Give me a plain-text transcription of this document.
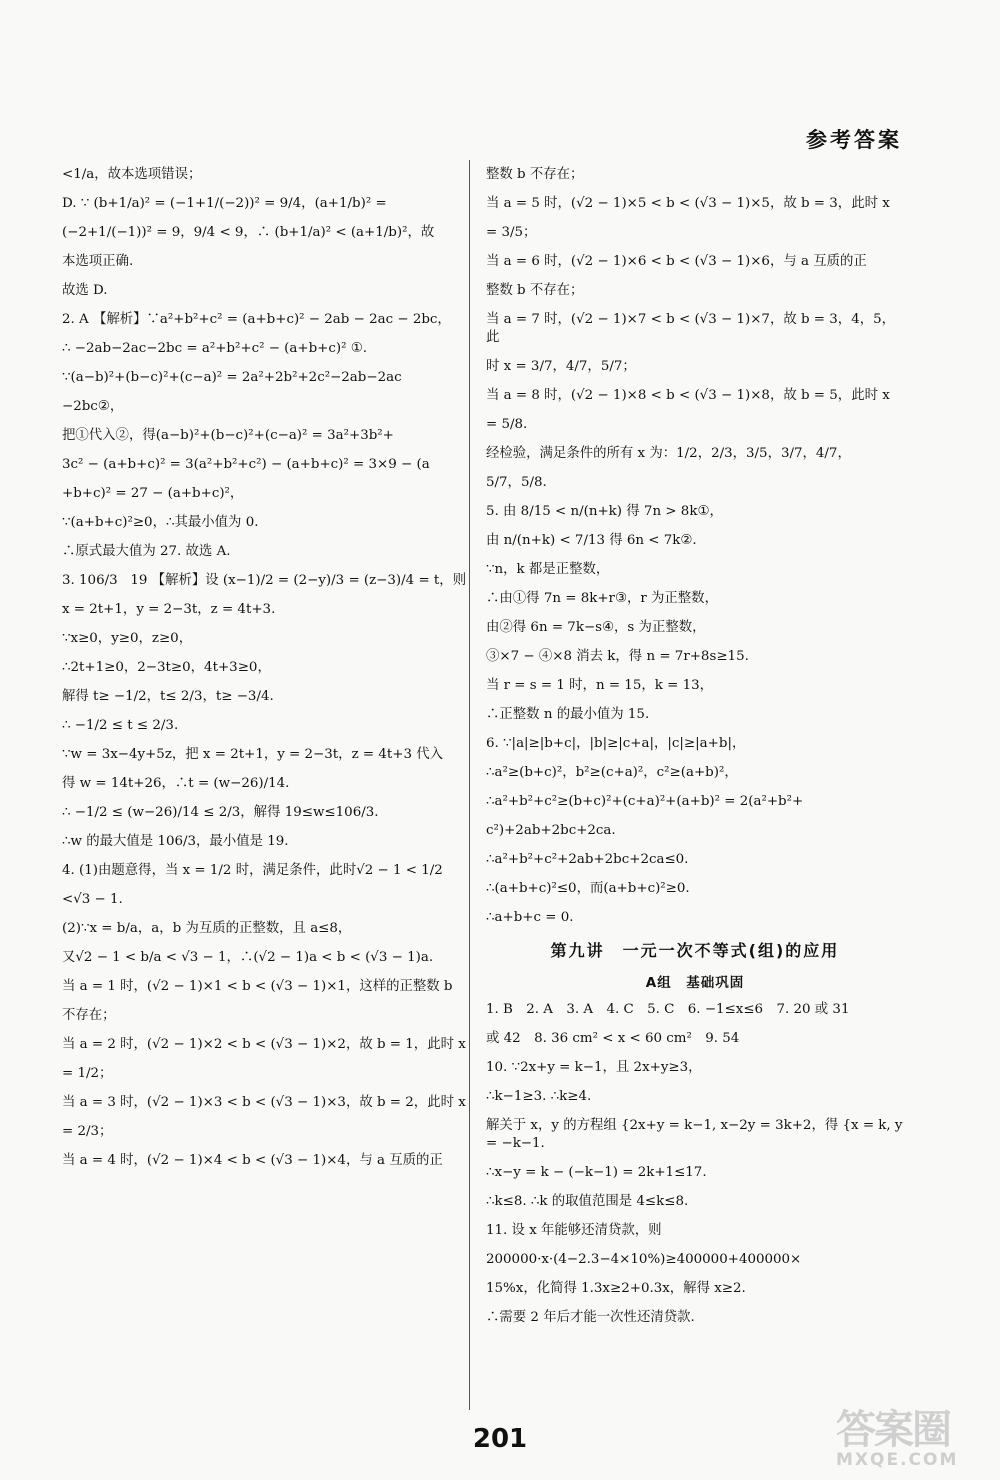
参考答案
<1/a，故本选项错误；
D. ∵ (b+1/a)² = (−1+1/(−2))² = 9/4，(a+1/b)² =
(−2+1/(−1))² = 9，9/4 < 9，∴ (b+1/a)² < (a+1/b)²，故
本选项正确.
故选 D.
2. A 【解析】∵a²+b²+c² = (a+b+c)² − 2ab − 2ac − 2bc，
∴ −2ab−2ac−2bc = a²+b²+c² − (a+b+c)² ①.
∵(a−b)²+(b−c)²+(c−a)² = 2a²+2b²+2c²−2ab−2ac
−2bc②，
把①代入②，得(a−b)²+(b−c)²+(c−a)² = 3a²+3b²+
3c² − (a+b+c)² = 3(a²+b²+c²) − (a+b+c)² = 3×9 − (a
+b+c)² = 27 − (a+b+c)²，
∵(a+b+c)²≥0，∴其最小值为 0.
∴原式最大值为 27. 故选 A.
3. 106/3   19 【解析】设 (x−1)/2 = (2−y)/3 = (z−3)/4 = t，则
x = 2t+1，y = 2−3t，z = 4t+3.
∵x≥0，y≥0，z≥0，
∴2t+1≥0，2−3t≥0，4t+3≥0，
解得 t≥ −1/2，t≤ 2/3，t≥ −3/4.
∴ −1/2 ≤ t ≤ 2/3.
∵w = 3x−4y+5z，把 x = 2t+1，y = 2−3t，z = 4t+3 代入
得 w = 14t+26，∴t = (w−26)/14.
∴ −1/2 ≤ (w−26)/14 ≤ 2/3，解得 19≤w≤106/3.
∴w 的最大值是 106/3，最小值是 19.
4. (1)由题意得，当 x = 1/2 时，满足条件，此时√2 − 1 < 1/2
<√3 − 1.
(2)∵x = b/a，a，b 为互质的正整数，且 a≤8，
又√2 − 1 < b/a < √3 − 1，∴(√2 − 1)a < b < (√3 − 1)a.
当 a = 1 时，(√2 − 1)×1 < b < (√3 − 1)×1，这样的正整数 b
不存在；
当 a = 2 时，(√2 − 1)×2 < b < (√3 − 1)×2，故 b = 1，此时 x
= 1/2；
当 a = 3 时，(√2 − 1)×3 < b < (√3 − 1)×3，故 b = 2，此时 x
= 2/3；
当 a = 4 时，(√2 − 1)×4 < b < (√3 − 1)×4，与 a 互质的正
整数 b 不存在；
当 a = 5 时，(√2 − 1)×5 < b < (√3 − 1)×5，故 b = 3，此时 x
= 3/5；
当 a = 6 时，(√2 − 1)×6 < b < (√3 − 1)×6，与 a 互质的正
整数 b 不存在；
当 a = 7 时，(√2 − 1)×7 < b < (√3 − 1)×7，故 b = 3，4，5，此
时 x = 3/7，4/7，5/7；
当 a = 8 时，(√2 − 1)×8 < b < (√3 − 1)×8，故 b = 5，此时 x
= 5/8.
经检验，满足条件的所有 x 为：1/2，2/3，3/5，3/7，4/7，
5/7，5/8.
5. 由 8/15 < n/(n+k) 得 7n > 8k①，
由 n/(n+k) < 7/13 得 6n < 7k②.
∵n，k 都是正整数，
∴由①得 7n = 8k+r③，r 为正整数，
由②得 6n = 7k−s④，s 为正整数，
③×7 − ④×8 消去 k，得 n = 7r+8s≥15.
当 r = s = 1 时，n = 15，k = 13，
∴正整数 n 的最小值为 15.
6. ∵|a|≥|b+c|，|b|≥|c+a|，|c|≥|a+b|，
∴a²≥(b+c)²，b²≥(c+a)²，c²≥(a+b)²，
∴a²+b²+c²≥(b+c)²+(c+a)²+(a+b)² = 2(a²+b²+
c²)+2ab+2bc+2ca.
∴a²+b²+c²+2ab+2bc+2ca≤0.
∴(a+b+c)²≤0，而(a+b+c)²≥0.
∴a+b+c = 0.
第九讲　一元一次不等式(组)的应用
A组　基础巩固
1. B　2. A　3. A　4. C　5. C　6. −1≤x≤6　7. 20 或 31
或 42　8. 36 cm² < x < 60 cm²　9. 54
10. ∵2x+y = k−1，且 2x+y≥3，
∴k−1≥3. ∴k≥4.
解关于 x，y 的方程组 {2x+y = k−1, x−2y = 3k+2，得 {x = k, y = −k−1.
∴x−y = k − (−k−1) = 2k+1≤17.
∴k≤8. ∴k 的取值范围是 4≤k≤8.
11. 设 x 年能够还清贷款，则
200000·x·(4−2.3−4×10%)≥400000+400000×
15%x，化简得 1.3x≥2+0.3x，解得 x≥2.
∴需要 2 年后才能一次性还清贷款.
201	答案圈
MXQE.COM
